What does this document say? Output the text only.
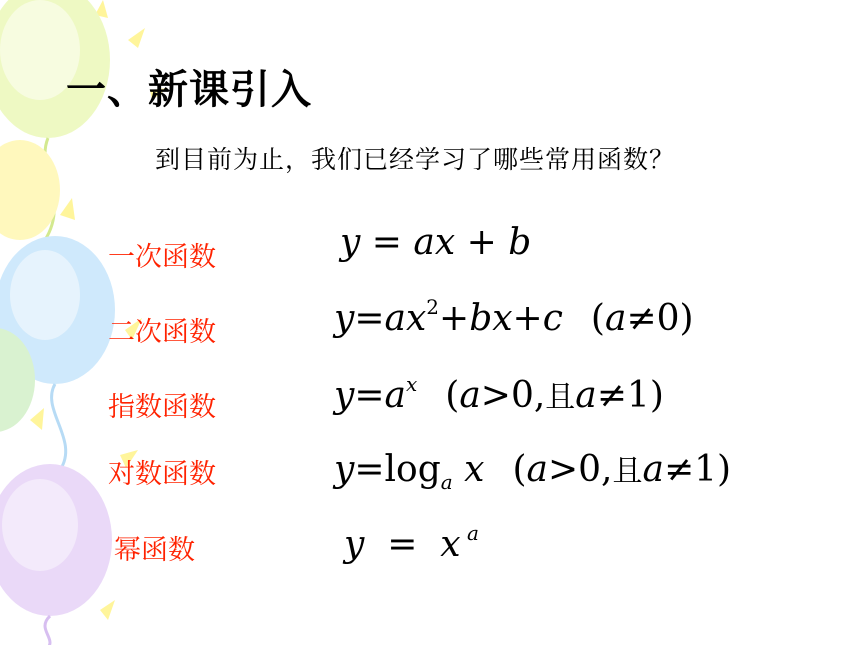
一、新课引入
到目前为止，我们已经学习了哪些常用函数？
一次函数	y = ax + b
二次函数	$y=ax^2+bx+c$ (a≠0)
指数函数	$y=a^x$ (a>0,且a≠1)
对数函数	$y=\log_a$ x (a>0,且a≠1)
幂函数	y  =  x $^a$
